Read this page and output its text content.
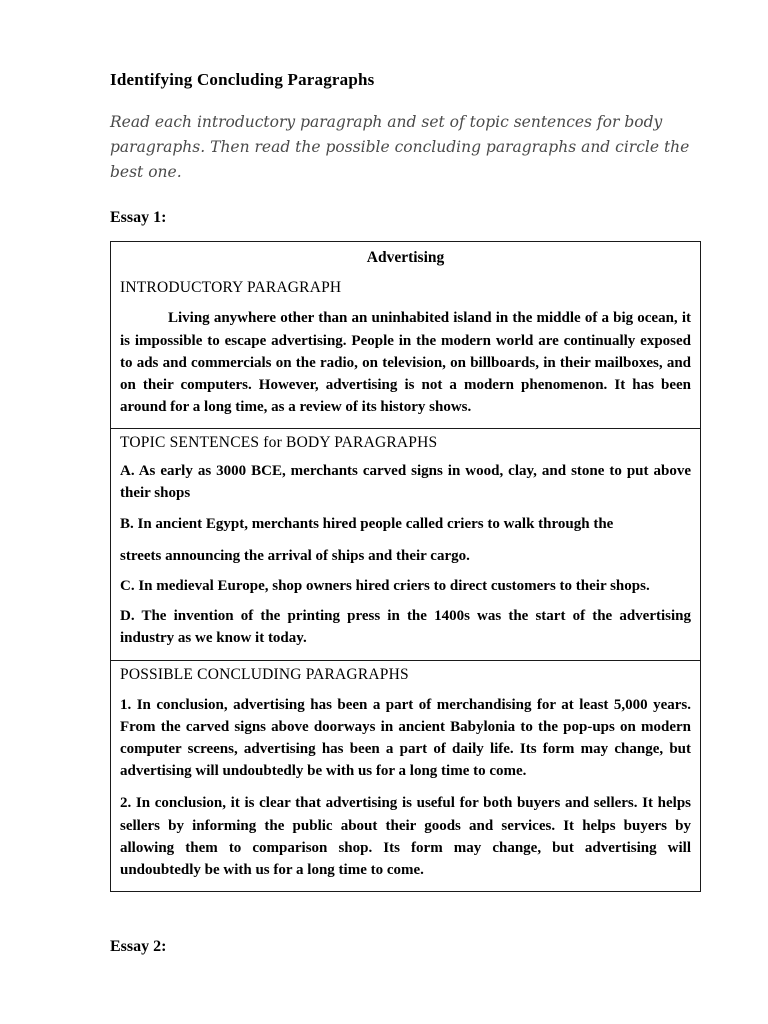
Identifying Concluding Paragraphs

Read each introductory paragraph and set of topic sentences for body paragraphs. Then read the possible concluding paragraphs and circle the best one.

Essay 1:

Advertising
INTRODUCTORY PARAGRAPH

Living anywhere other than an uninhabited island in the middle of a big ocean, it is impossible to escape advertising. People in the modern world are continually exposed to ads and commercials on the radio, on television, on billboards, in their mailboxes, and on their computers. However, advertising is not a modern phenomenon. It has been around for a long time, as a review of its history shows.

TOPIC SENTENCES for BODY PARAGRAPHS

A. As early as 3000 BCE, merchants carved signs in wood, clay, and stone to put above their shops

B. In ancient Egypt, merchants hired people called criers to walk through the

streets announcing the arrival of ships and their cargo.

C. In medieval Europe, shop owners hired criers to direct customers to their shops.

D. The invention of the printing press in the 1400s was the start of the advertising industry as we know it today.

POSSIBLE CONCLUDING PARAGRAPHS

1. In conclusion, advertising has been a part of merchandising for at least 5,000 years. From the carved signs above doorways in ancient Babylonia to the pop-ups on modern computer screens, advertising has been a part of daily life. Its form may change, but advertising will undoubtedly be with us for a long time to come.

2. In conclusion, it is clear that advertising is useful for both buyers and sellers. It helps sellers by informing the public about their goods and services. It helps buyers by allowing them to comparison shop. Its form may change, but advertising will undoubtedly be with us for a long time to come.

Essay 2:
